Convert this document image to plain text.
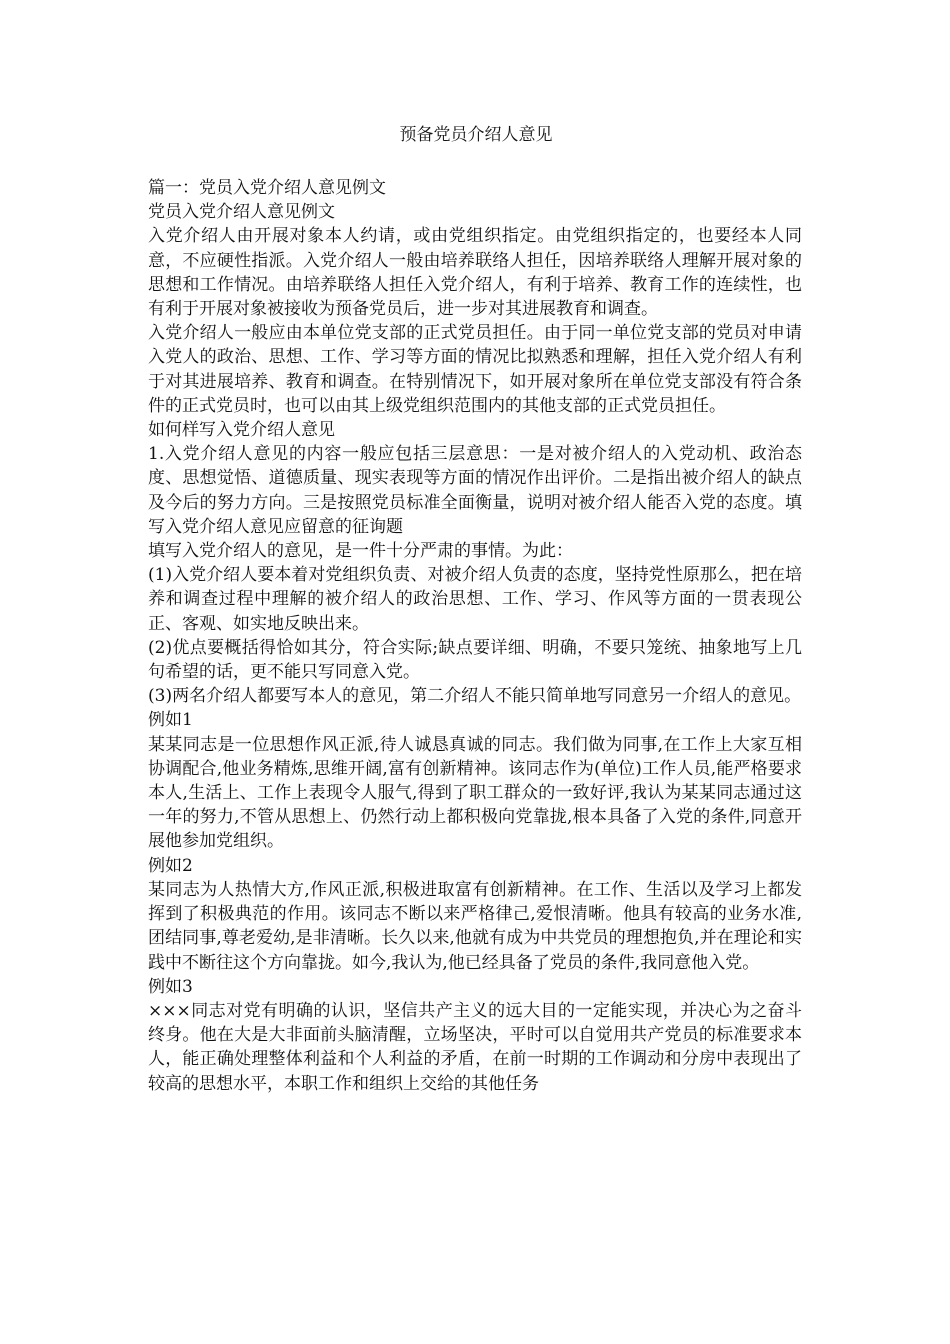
预备党员介绍人意见

篇一：党员入党介绍人意见例文

党员入党介绍人意见例文

入党介绍人由开展对象本人约请，或由党组织指定。由党组织指定的，也要经本人同意，不应硬性指派。入党介绍人一般由培养联络人担任，因培养联络人理解开展对象的思想和工作情况。由培养联络人担任入党介绍人，有利于培养、教育工作的连续性，也有利于开展对象被接收为预备党员后，进一步对其进展教育和调查。

入党介绍人一般应由本单位党支部的正式党员担任。由于同一单位党支部的党员对申请入党人的政治、思想、工作、学习等方面的情况比拟熟悉和理解，担任入党介绍人有利于对其进展培养、教育和调查。在特别情况下，如开展对象所在单位党支部没有符合条件的正式党员时，也可以由其上级党组织范围内的其他支部的正式党员担任。

如何样写入党介绍人意见

1.入党介绍人意见的内容一般应包括三层意思：一是对被介绍人的入党动机、政治态度、思想觉悟、道德质量、现实表现等方面的情况作出评价。二是指出被介绍人的缺点及今后的努力方向。三是按照党员标准全面衡量，说明对被介绍人能否入党的态度。填写入党介绍人意见应留意的征询题

填写入党介绍人的意见，是一件十分严肃的事情。为此：

(1)入党介绍人要本着对党组织负责、对被介绍人负责的态度，坚持党性原那么，把在培养和调查过程中理解的被介绍人的政治思想、工作、学习、作风等方面的一贯表现公正、客观、如实地反映出来。

(2)优点要概括得恰如其分，符合实际;缺点要详细、明确，不要只笼统、抽象地写上几句希望的话，更不能只写同意入党。

(3)两名介绍人都要写本人的意见，第二介绍人不能只简单地写同意另一介绍人的意见。

例如1

某某同志是一位思想作风正派,待人诚恳真诚的同志。我们做为同事,在工作上大家互相协调配合,他业务精炼,思维开阔,富有创新精神。该同志作为(单位)工作人员,能严格要求本人,生活上、工作上表现令人服气,得到了职工群众的一致好评,我认为某某同志通过这一年的努力,不管从思想上、仍然行动上都积极向党靠拢,根本具备了入党的条件,同意开展他参加党组织。

例如2

某同志为人热情大方,作风正派,积极进取富有创新精神。在工作、生活以及学习上都发挥到了积极典范的作用。该同志不断以来严格律己,爱恨清晰。他具有较高的业务水准,团结同事,尊老爱幼,是非清晰。长久以来,他就有成为中共党员的理想抱负,并在理论和实践中不断往这个方向靠拢。如今,我认为,他已经具备了党员的条件,我同意他入党。

例如3

×××同志对党有明确的认识，坚信共产主义的远大目的一定能实现，并决心为之奋斗终身。他在大是大非面前头脑清醒，立场坚决，平时可以自觉用共产党员的标准要求本人，能正确处理整体利益和个人利益的矛盾，在前一时期的工作调动和分房中表现出了较高的思想水平，本职工作和组织上交给的其他任务
